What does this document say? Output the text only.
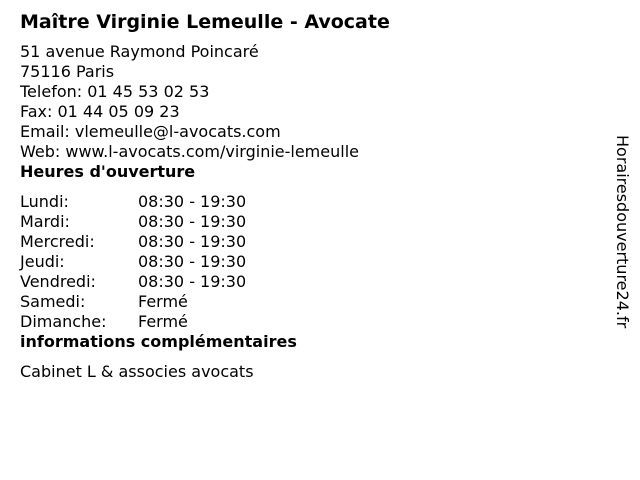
Maître Virginie Lemeulle - Avocate
51 avenue Raymond Poincaré
75116 Paris
Telefon: 01 45 53 02 53
Fax: 01 44 05 09 23
Email: vlemeulle@l-avocats.com
Web: www.l-avocats.com/virginie-lemeulle
Heures d'ouverture
Lundi:	08:30 - 19:30
Mardi:	08:30 - 19:30
Mercredi:	08:30 - 19:30
Jeudi:	08:30 - 19:30
Vendredi:	08:30 - 19:30
Samedi:	Fermé
Dimanche:	Fermé
informations complémentaires
Cabinet L & associes avocats
Horairesdouverture24.fr
